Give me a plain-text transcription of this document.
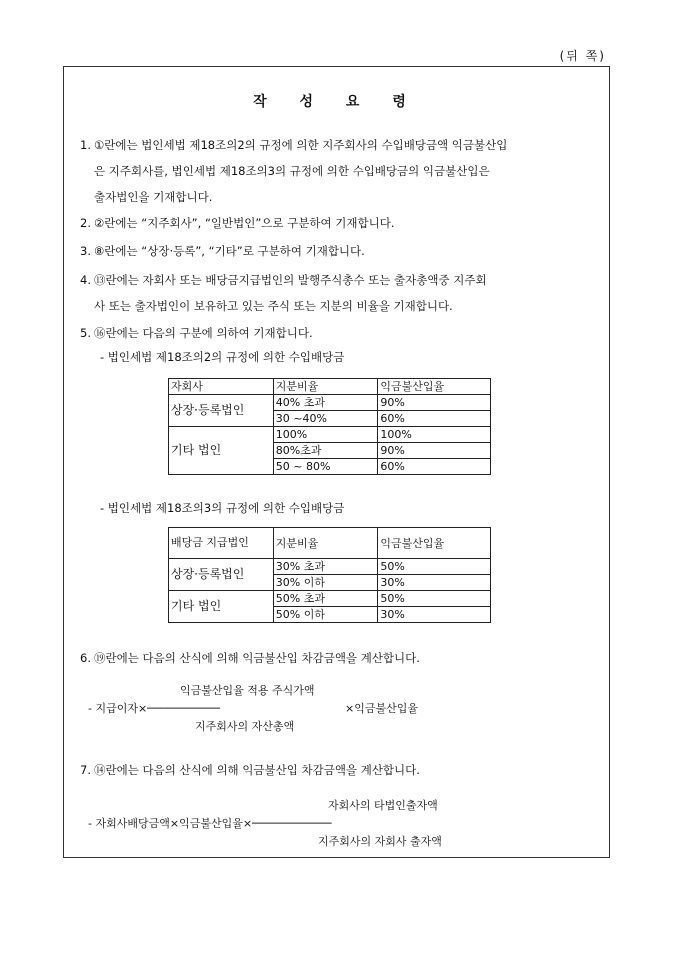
(뒤 쪽)
작 성 요 령
1. ①란에는 법인세법 제18조의2의 규정에 의한 지주회사의 수입배당금액 익금불산입
은 지주회사를, 법인세법 제18조의3의 규정에 의한 수입배당금의 익금불산입은
출자법인을 기재합니다.
2. ②란에는 “지주회사”, “일반법인”으로 구분하여 기재합니다.
3. ⑧란에는 “상장·등록”, “기타”로 구분하여 기재합니다.
4. ⑬란에는 자회사 또는 배당금지급법인의 발행주식총수 또는 출자총액중 지주회
사 또는 출자법인이 보유하고 있는 주식 또는 지분의 비율을 기재합니다.
5. ⑯란에는 다음의 구분에 의하여 기재합니다.
- 법인세법 제18조의2의 규정에 의한 수입배당금
자회사	지분비율	익금불산입율
상장·등록법인	40% 초과	90%
	30 ~40%	60%
기타 법인	100%	100%
	80%초과	90%
	50 ~ 80%	60%
- 법인세법 제18조의3의 규정에 의한 수입배당금
배당금 지급법인	지분비율	익금불산입율
상장·등록법인	30% 초과	50%
	30% 이하	30%
기타 법인	50% 초과	50%
	50% 이하	30%
6. ⑲란에는 다음의 산식에 의해 익금불산입 차감금액을 계산합니다.
익금불산입율 적용 주식가액
- 지급이자×───────────	×익금불산입율
지주회사의 자산총액
7. ⑭란에는 다음의 산식에 의해 익금불산입 차감금액을 계산합니다.
자회사의 타법인출자액
- 자회사배당금액×익금불산입율×────────────
지주회사의 자회사 출자액
